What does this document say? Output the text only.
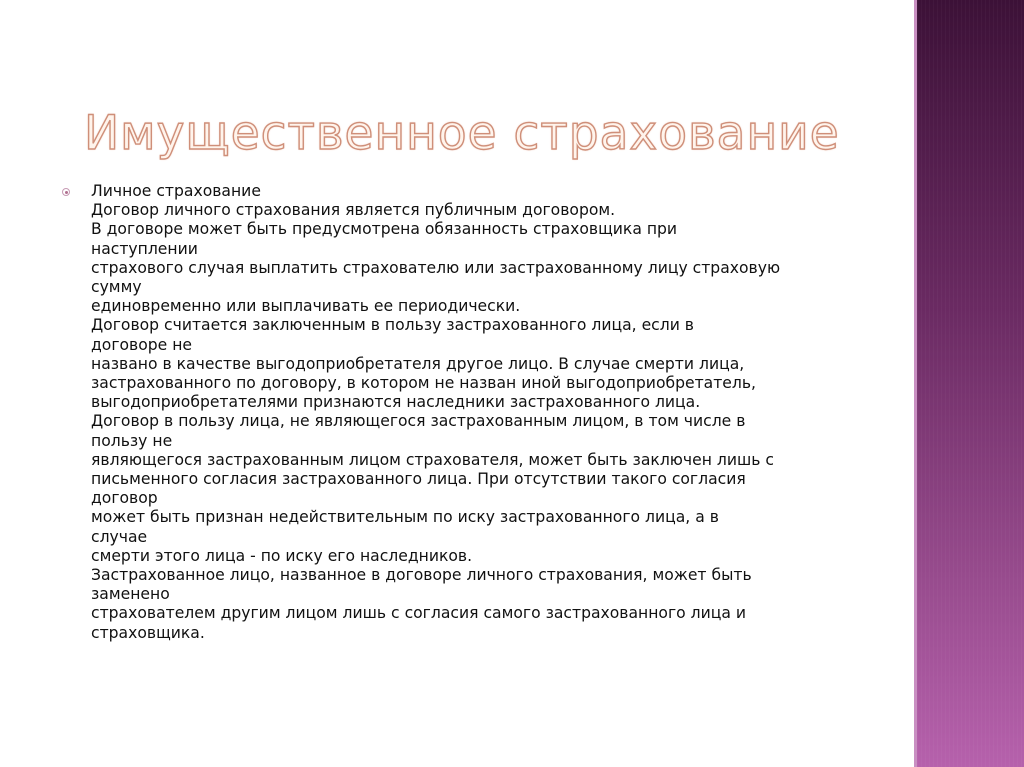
Имущественное страхование
Личное страхование
Договор личного страхования является публичным договором.
В договоре может быть предусмотрена обязанность страховщика при
наступлении
страхового случая выплатить страхователю или застрахованному лицу страховую
сумму
единовременно или выплачивать ее периодически.
Договор считается заключенным в пользу застрахованного лица, если в
договоре не
названо в качестве выгодоприобретателя другое лицо. В случае смерти лица,
застрахованного по договору, в котором не назван иной выгодоприобретатель,
выгодоприобретателями признаются наследники застрахованного лица.
Договор в пользу лица, не являющегося застрахованным лицом, в том числе в
пользу не
являющегося застрахованным лицом страхователя, может быть заключен лишь с
письменного согласия застрахованного лица. При отсутствии такого согласия
договор
может быть признан недействительным по иску застрахованного лица, а в
случае
смерти этого лица - по иску его наследников.
Застрахованное лицо, названное в договоре личного страхования, может быть
заменено
страхователем другим лицом лишь с согласия самого застрахованного лица и
страховщика.
